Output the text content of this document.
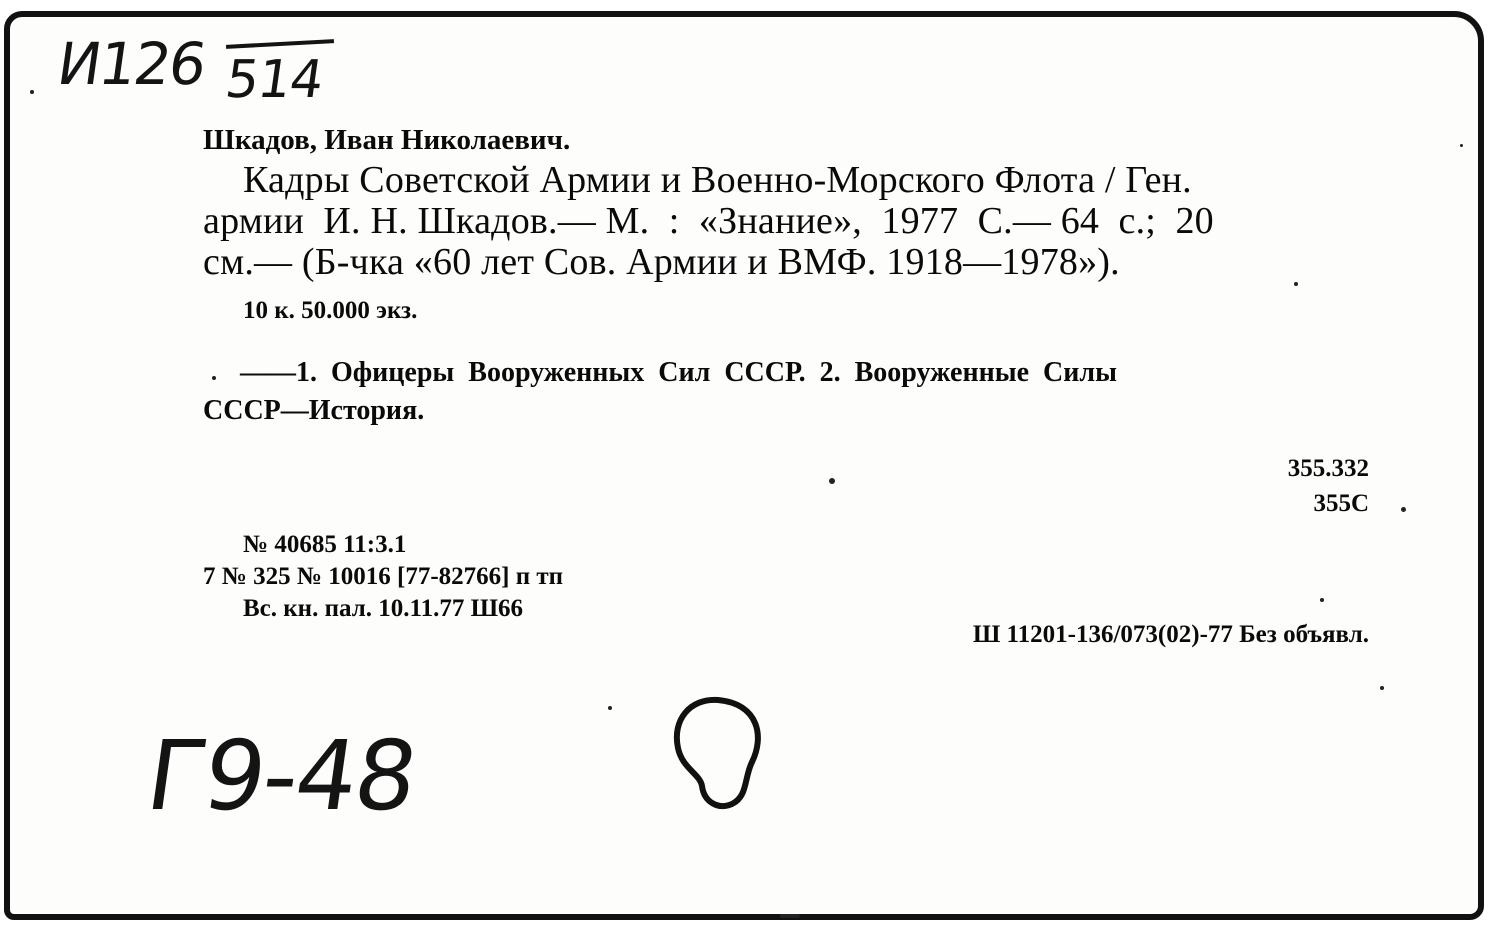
И126 514
Шкадов, Иван Николаевич.
Кадры Советской Армии и Военно-Морского Флота / Ген.
армии  И. Н. Шкадов.— М.  :  «Знание»,  1977  С.— 64  с.;  20
см.— (Б-чка «60 лет Сов. Армии и ВМФ. 1918—1978»).
10 к. 50.000 экз.
——1.  Офицеры  Вооруженных  Сил  СССР.  2.  Вооруженные  Силы
СССР—История.
355.332
355С
№ 40685 11:3.1
7 № 325 № 10016 [77-82766] п тп
Вс. кн. пал. 10.11.77 Ш66
Ш 11201-136/073(02)-77 Без объявл.
Г9-48
